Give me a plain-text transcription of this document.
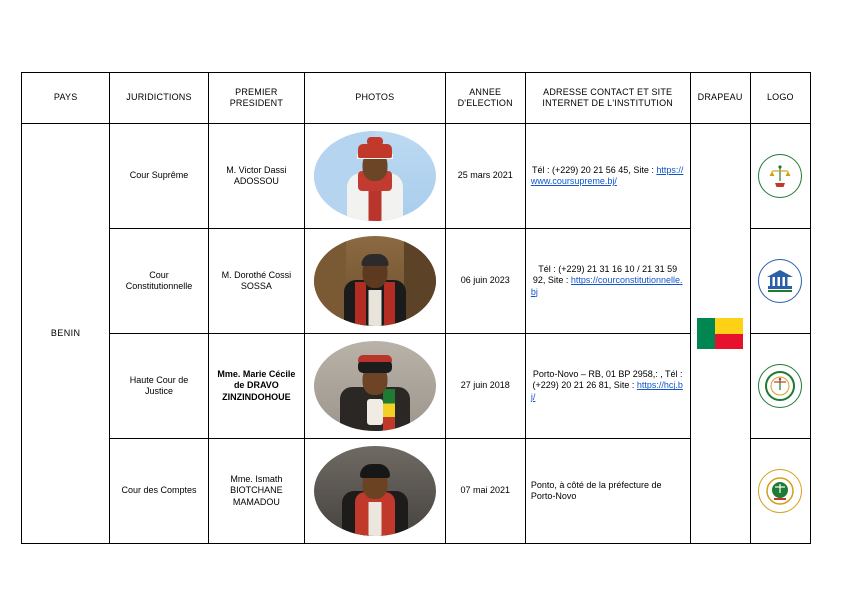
PAYS	JURIDICTIONS	PREMIER PRESIDENT	PHOTOS	ANNEE D'ELECTION	ADRESSE CONTACT ET SITE INTERNET DE L'INSTITUTION	DRAPEAU	LOGO
BENIN	Cour Suprême	M. Victor Dassi ADOSSOU		25 mars 2021	Tél : (+229) 20 21 56 45, Site : https://www.coursupreme.bj/	

	Cour Constitutionnelle	M. Dorothé Cossi SOSSA		06 juin 2023	Tél : (+229) 21 31 16 10 / 21 31 59 92, Site : https://courconstitutionnelle.bj	

	Haute Cour de Justice	Mme. Marie Cécile de DRAVO ZINZINDOHOUE		27 juin 2018	Porto-Novo – RB, 01 BP 2958,: , Tél : (+229) 20 21 26 81, Site : https://hcj.bj/	

	Cour des Comptes	Mme. Ismath BIOTCHANE MAMADOU		07 mai 2021	Ponto, à côté de la préfecture de Porto-Novo	
